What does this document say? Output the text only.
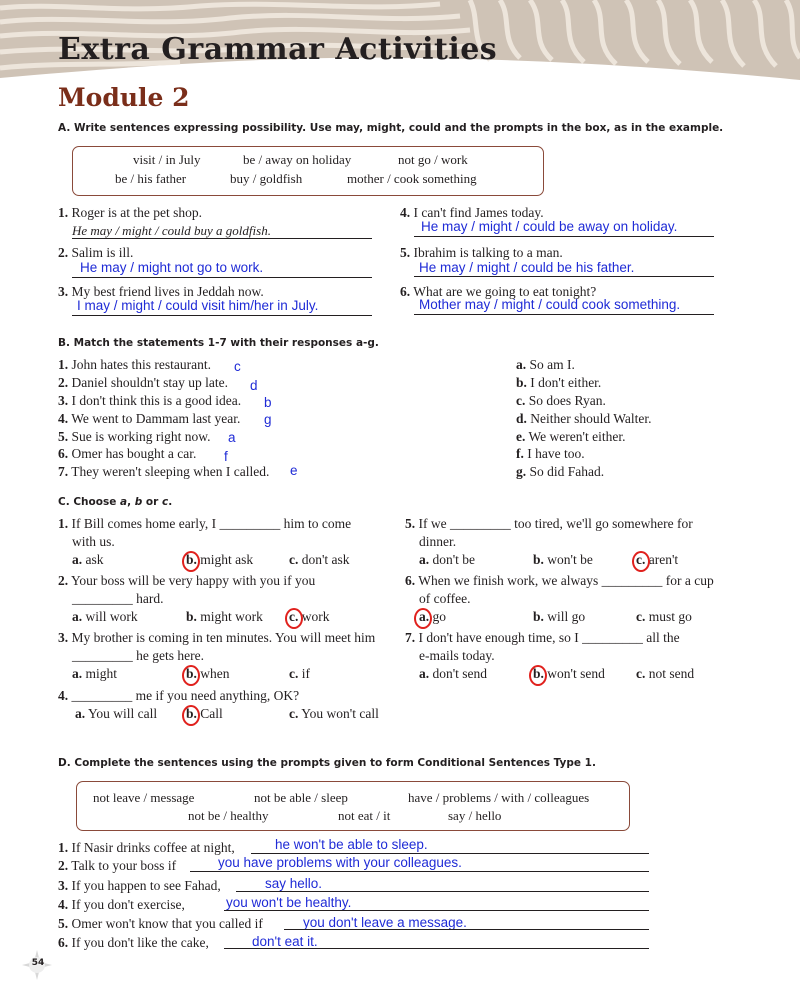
Extra Grammar Activities
Module 2
A. Write sentences expressing possibility. Use may, might, could and the prompts in the box, as in the example.
visit / in July	be / away on holiday	not go / work
be / his father	buy / goldfish	mother / cook something
1. Roger is at the pet shop.
He may / might / could buy a goldfish.
2. Salim is ill.
He may / might not go to work.
3. My best friend lives in Jeddah now.
I may / might / could visit him/her in July.
4. I can't find James today.
He may / might / could be away on holiday.
5. Ibrahim is talking to a man.
He may / might / could be his father.
6. What are we going to eat tonight?
Mother may / might / could cook something.
B. Match the statements 1-7 with their responses a-g.
1. John hates this restaurant. c
2. Daniel shouldn't stay up late. d
3. I don't think this is a good idea. b
4. We went to Dammam last year. g
5. Sue is working right now. a
6. Omer has bought a car. f
7. They weren't sleeping when I called. e
a. So am I.
b. I don't either.
c. So does Ryan.
d. Neither should Walter.
e. We weren't either.
f. I have too.
g. So did Fahad.
C. Choose a, b or c.
1. If Bill comes home early, I _________ him to come
with us.
a. ask	b. might ask	c. don't ask
2. Your boss will be very happy with you if you
_________ hard.
a. will work	b. might work c. work
3. My brother is coming in ten minutes. You will meet him
_________ he gets here.
a. might	b. when	c. if
4. _________ me if you need anything, OK?
a. You will call b. Call	c. You won't call
5. If we _________ too tired, we'll go somewhere for
dinner.
a. don't be	b. won't be	c. aren't
6. When we finish work, we always _________ for a cup
of coffee.
a. go	b. will go	c. must go
7. I don't have enough time, so I _________ all the
e-mails today.
a. don't send	b. won't send c. not send
D. Complete the sentences using the prompts given to form Conditional Sentences Type 1.
not leave / message	not be able / sleep	have / problems / with / colleagues
not be / healthy	not eat / it	say / hello
1. If Nasir drinks coffee at night,	he won't be able to sleep.
2. Talk to your boss if	you have problems with your colleagues.
3. If you happen to see Fahad,	say hello.
4. If you don't exercise,	you won't be healthy.
5. Omer won't know that you called if	you don't leave a message.
6. If you don't like the cake,	don't eat it.
54
